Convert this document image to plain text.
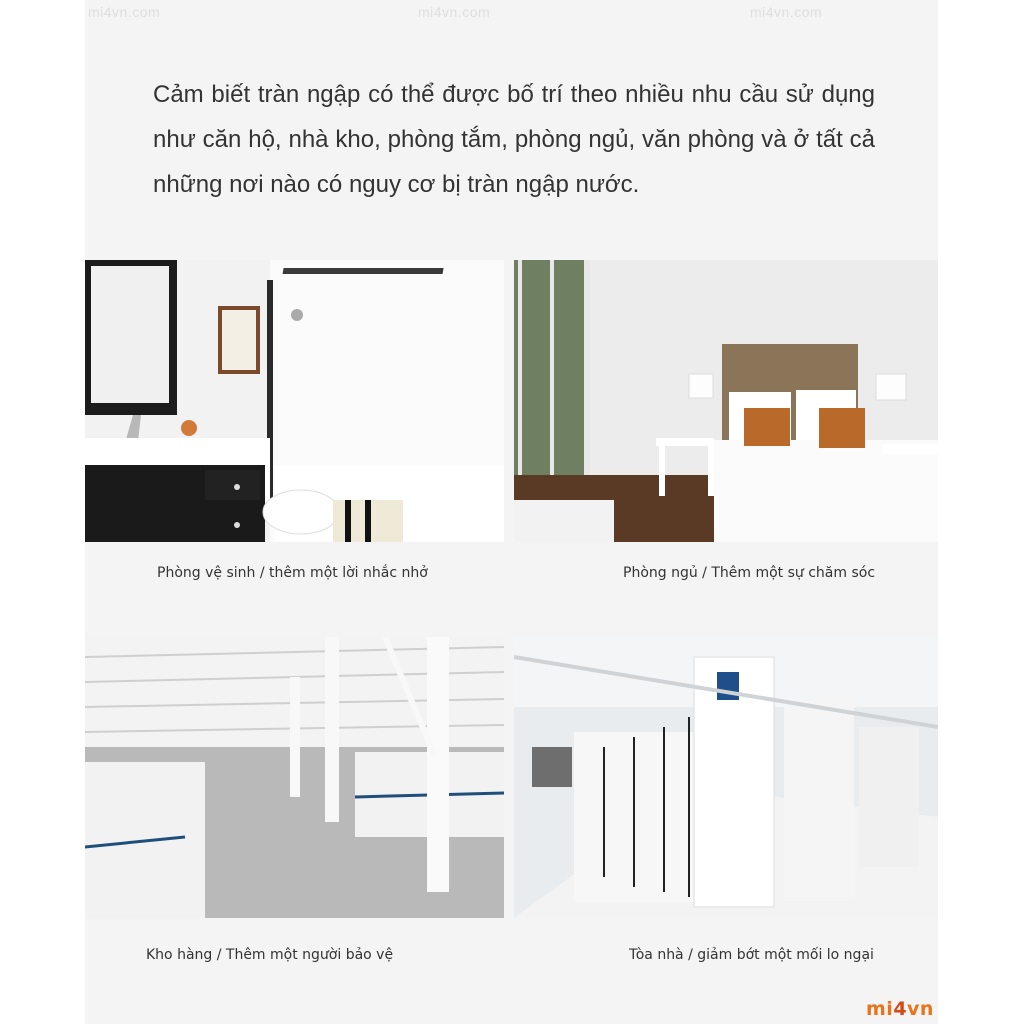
mi4vn.com	mi4vn.com	mi4vn.com

Cảm biết tràn ngập có thể được bố trí theo nhiều nhu cầu sử dụng như căn hộ, nhà kho, phòng tắm, phòng ngủ, văn phòng và ở tất cả những nơi nào có nguy cơ bị tràn ngập nước.

Phòng vệ sinh / thêm một lời nhắc nhở	Phòng ngủ / Thêm một sự chăm sóc
Kho hàng / Thêm một người bảo vệ	Tòa nhà / giảm bớt một mối lo ngại
mi4vn
